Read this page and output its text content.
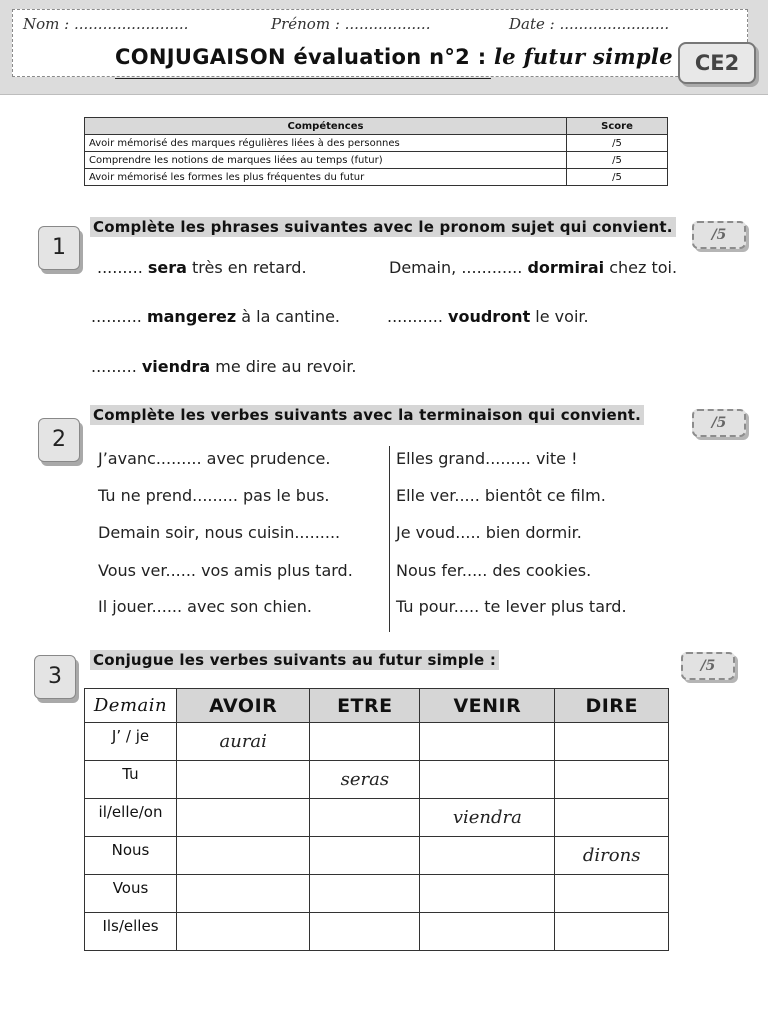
Nom : ........................	Prénom : ..................	Date : .......................
CONJUGAISON évaluation n°2 : le futur simple	CE2
Compétences	Score
Avoir mémorisé des marques régulières liées à des personnes	/5
Comprendre les notions de marques liées au temps (futur)	/5
Avoir mémorisé les formes les plus fréquentes du futur	/5
1
Complète les phrases suivantes avec le pronom sujet qui convient.	/5
......... sera très en retard.	Demain, ............ dormirai chez toi.
.......... mangerez à la cantine.	........... voudront le voir.
......... viendra me dire au revoir.
2
Complète les verbes suivants avec la terminaison qui convient.	/5
J’avanc......... avec prudence.
Tu ne prend......... pas le bus.
Demain soir, nous cuisin.........
Vous ver...... vos amis plus tard.
Il jouer...... avec son chien.
Elles grand......... vite !
Elle ver..... bientôt ce film.
Je voud..... bien dormir.
Nous fer..... des cookies.
Tu pour..... te lever plus tard.
3
Conjugue les verbes suivants au futur simple :	/5
Demain	AVOIR	ETRE	VENIR	DIRE
J’ / je	aurai			
Tu		seras		
il/elle/on			viendra	
Nous				dirons
Vous				
Ils/elles				
